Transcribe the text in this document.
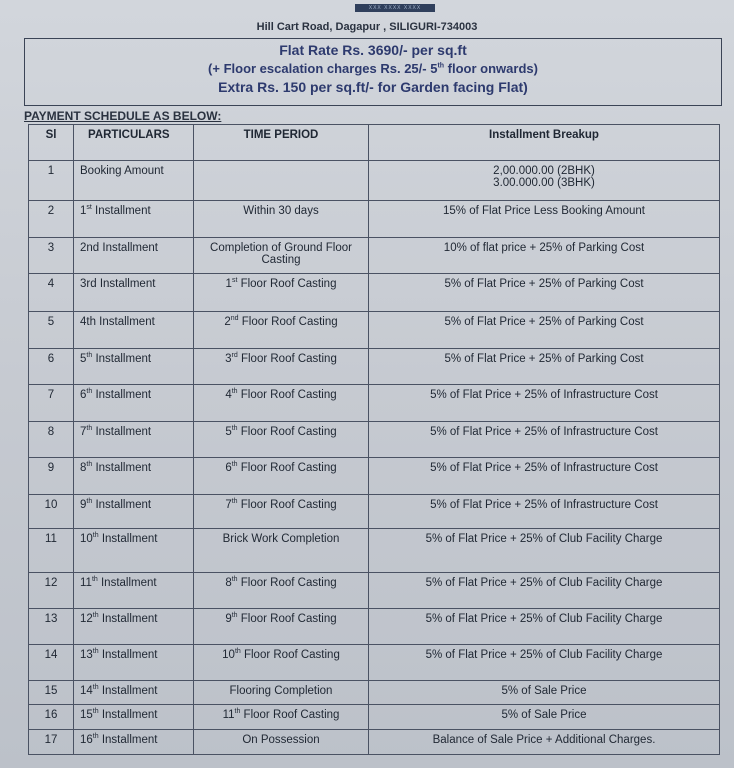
XXX XXXX XXXX
Hill Cart Road, Dagapur , SILIGURI-734003
Flat Rate Rs. 3690/- per sq.ft
(+ Floor escalation charges Rs. 25/- 5th floor onwards)
Extra Rs. 150 per sq.ft/- for Garden facing Flat)
PAYMENT SCHEDULE AS BELOW:
Sl	PARTICULARS	TIME PERIOD	Installment Breakup
1	Booking Amount		2,00.000.00 (2BHK)
3.00.000.00 (3BHK)

2	1st Installment	Within 30 days	15% of Flat Price Less Booking Amount

3	2nd Installment	Completion of Ground Floor Casting	10% of flat price + 25% of Parking Cost

4	3rd Installment	1st Floor Roof Casting	5% of Flat Price + 25% of Parking Cost

5	4th Installment	2nd Floor Roof Casting	5% of Flat Price + 25% of Parking Cost

6	5th Installment	3rd Floor Roof Casting	5% of Flat Price + 25% of Parking Cost

7	6th Installment	4th Floor Roof Casting	5% of Flat Price + 25% of Infrastructure Cost

8	7th Installment	5th Floor Roof Casting	5% of Flat Price + 25% of Infrastructure Cost

9	8th Installment	6th Floor Roof Casting	5% of Flat Price + 25% of Infrastructure Cost

10	9th Installment	7th Floor Roof Casting	5% of Flat Price + 25% of Infrastructure Cost

11	10th Installment	Brick Work Completion	5% of Flat Price + 25% of Club Facility Charge

12	11th Installment	8th Floor Roof Casting	5% of Flat Price + 25% of Club Facility Charge

13	12th Installment	9th Floor Roof Casting	5% of Flat Price + 25% of Club Facility Charge

14	13th Installment	10th Floor Roof Casting	5% of Flat Price + 25% of Club Facility Charge

15	14th Installment	Flooring Completion	5% of Sale Price

16	15th Installment	11th Floor Roof Casting	5% of Sale Price

17	16th Installment	On Possession	Balance of Sale Price + Additional Charges.
